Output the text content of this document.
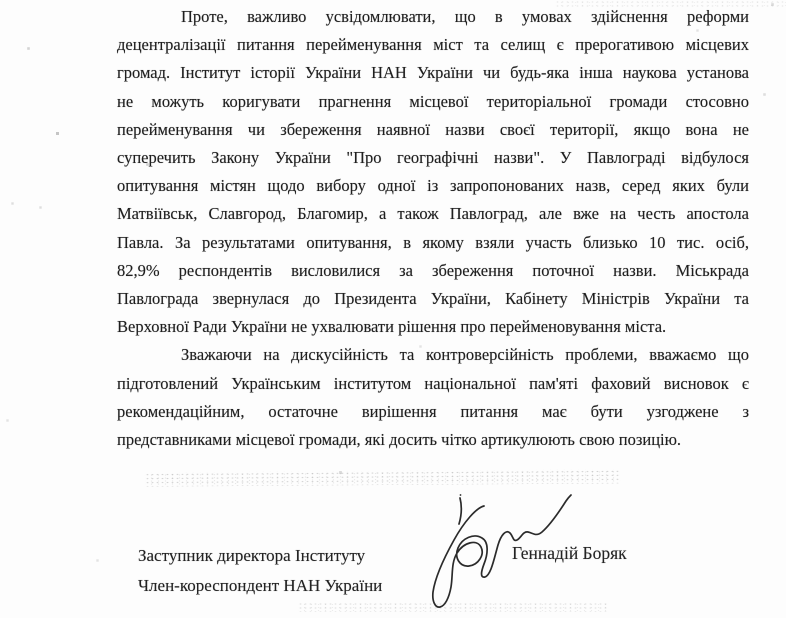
Проте, важливо усвідомлювати, що в умовах здійснення реформи
децентралізації питання перейменування міст та селищ є прерогативою місцевих
громад. Інститут історії України НАН України чи будь-яка інша наукова установа
не можуть коригувати прагнення місцевої територіальної громади стосовно
перейменування чи збереження наявної назви своєї території, якщо вона не
суперечить Закону України "Про географічні назви". У Павлограді відбулося
опитування містян щодо вибору одної із запропонованих назв, серед яких були
Матвіївськ, Славгород, Благомир, а також Павлоград, але вже на честь апостола
Павла. За результатами опитування, в якому взяли участь близько 10 тис. осіб,
82,9% респондентів висловилися за збереження поточної назви. Міськрада
Павлограда звернулася до Президента України, Кабінету Міністрів України та
Верховної Ради України не ухвалювати рішення про перейменовування міста.
Зважаючи на дискусійність та контроверсійність проблеми, вважаємо що
підготовлений Українським інститутом національної пам'яті фаховий висновок є
рекомендаційним, остаточне вирішення питання має бути узгоджене з
представниками місцевої громади, які досить чітко артикулюють свою позицію.
Заступник директора Інституту
Член-кореспондент НАН України
Геннадій Боряк
